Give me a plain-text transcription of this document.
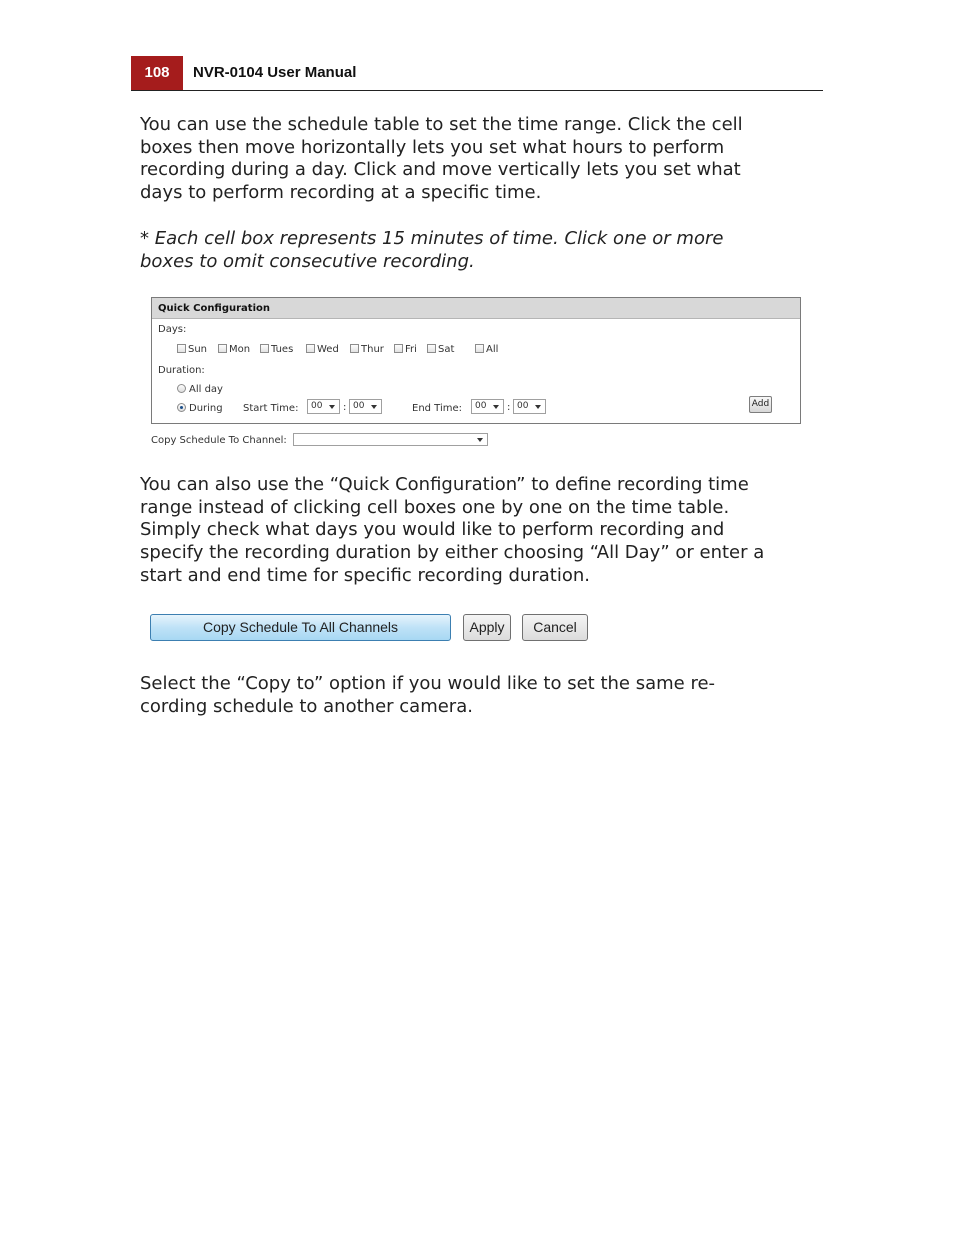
108	NVR-0104 User Manual

You can use the schedule table to set the time range. Click the cell
boxes then move horizontally lets you set what hours to perform
recording during a day. Click and move vertically lets you set what
days to perform recording at a specific time.

* Each cell box represents 15 minutes of time. Click one or more
boxes to omit consecutive recording.

Quick Configuration
Days:
Sun	Mon	Tues	Wed	Thur	Fri	Sat	All
Duration:
All day
During Start Time:	00	: 00	End Time:	00	: 00	Add
Copy Schedule To Channel:

You can also use the “Quick Configuration” to define recording time
range instead of clicking cell boxes one by one on the time table.
Simply check what days you would like to perform recording and
specify the recording duration by either choosing “All Day” or enter a
start and end time for specific recording duration.

Copy Schedule To All Channels	Apply	Cancel

Select the “Copy to” option if you would like to set the same re-
cording schedule to another camera.
